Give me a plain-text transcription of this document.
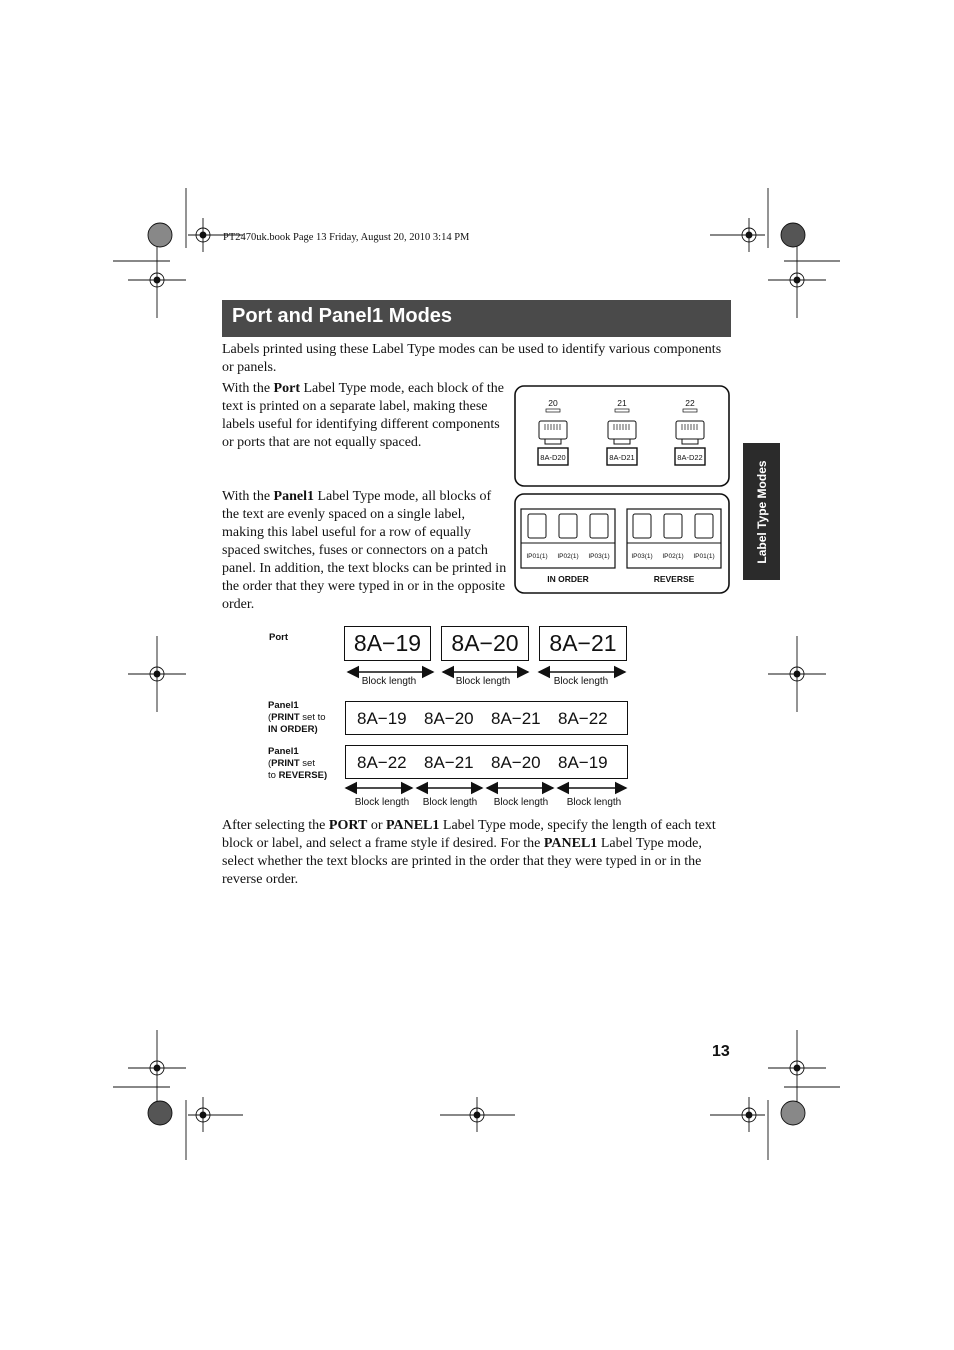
PT2470uk.book Page 13 Friday, August 20, 2010 3:14 PM
Port and Panel1 Modes
Labels printed using these Label Type modes can be used to identify various components or panels.
With the Port Label Type mode, each block of the text is printed on a separate label, making these labels useful for identifying different components or ports that are not equally spaced.
With the Panel1 Label Type mode, all blocks of the text are evenly spaced on a single label, making this label useful for a row of equally spaced switches, fuses or connectors on a patch panel. In addition, the text blocks can be printed in the order that they were typed in or in the opposite order.
20
8A-D20
21
8A-D21
22
8A-D22
IP01(1) IP02(1) IP03(1)	IP03(1) IP02(1) IP01(1)
IN ORDER	REVERSE
Port
Panel1
(PRINT set to
IN ORDER)
Panel1
(PRINT set
to REVERSE)
8A−19	8A−20	8A−21
8A−19 8A−20 8A−21 8A−22
8A−22 8A−21 8A−20 8A−19
Block length	Block length	Block length
Block length	Block length	Block length	Block length
After selecting the PORT or PANEL1 Label Type mode, specify the length of each text block or label, and select a frame style if desired. For the PANEL1 Label Type mode, select whether the text blocks are printed in the order that they were typed in or in the reverse order.
Label Type Modes
13
